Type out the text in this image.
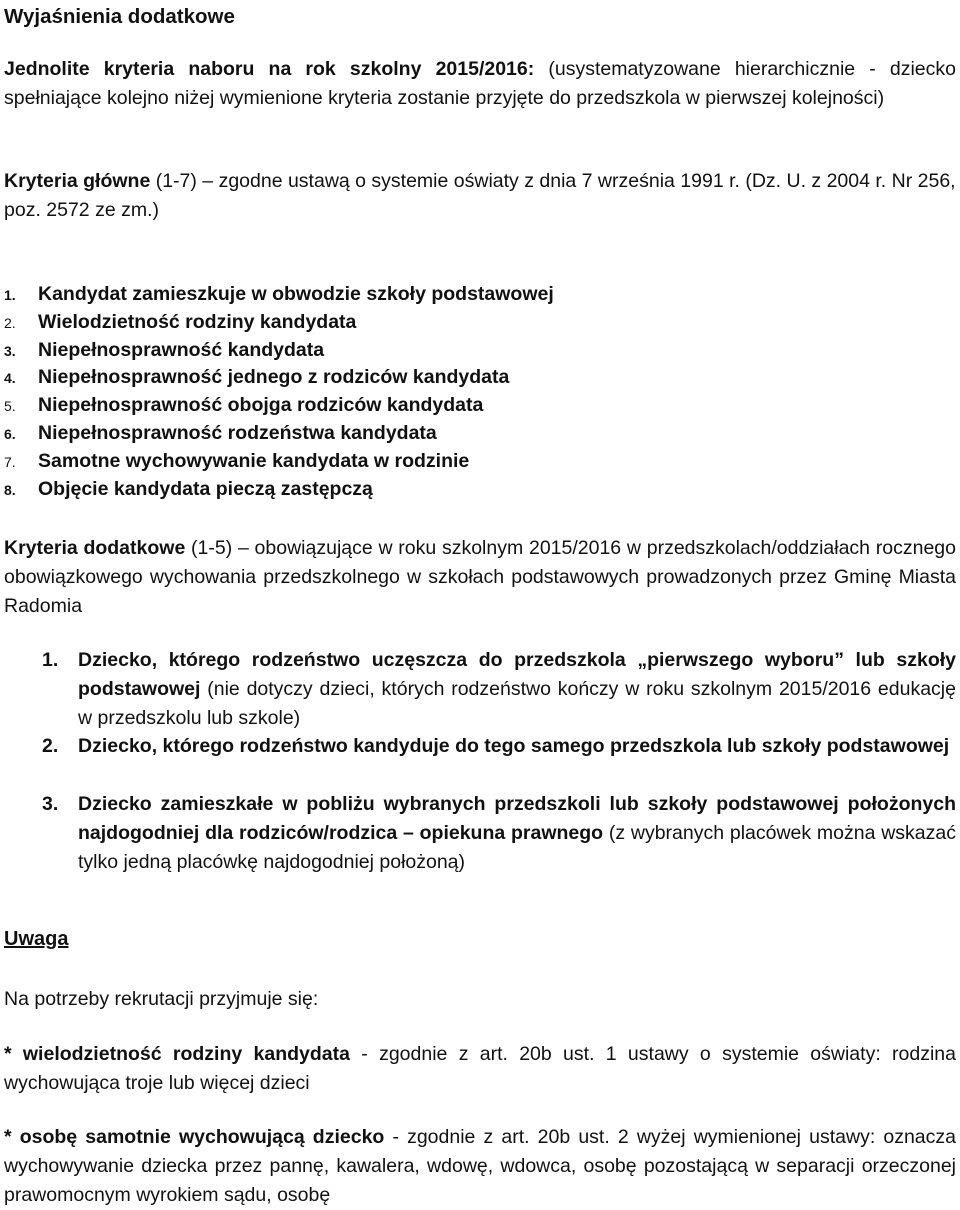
Wyjaśnienia dodatkowe

Jednolite kryteria naboru na rok szkolny 2015/2016: (usystematyzowane hierarchicznie - dziecko spełniające kolejno niżej wymienione kryteria zostanie przyjęte do przedszkola w pierwszej kolejności)

Kryteria główne (1-7) – zgodne ustawą o systemie oświaty z dnia 7 września 1991 r. (Dz. U. z 2004 r. Nr 256, poz. 2572 ze zm.)

1. Kandydat zamieszkuje w obwodzie szkoły podstawowej
2. Wielodzietność rodziny kandydata
3. Niepełnosprawność kandydata
4. Niepełnosprawność jednego z rodziców kandydata
5. Niepełnosprawność obojga rodziców kandydata
6. Niepełnosprawność rodzeństwa kandydata
7. Samotne wychowywanie kandydata w rodzinie
8. Objęcie kandydata pieczą zastępczą

Kryteria dodatkowe (1-5) – obowiązujące w roku szkolnym 2015/2016 w przedszkolach/oddziałach rocznego obowiązkowego wychowania przedszkolnego w szkołach podstawowych prowadzonych przez Gminę Miasta Radomia

1. Dziecko, którego rodzeństwo uczęszcza do przedszkola „pierwszego wyboru” lub szkoły podstawowej (nie dotyczy dzieci, których rodzeństwo kończy w roku szkolnym 2015/2016 edukację w przedszkolu lub szkole)
2. Dziecko, którego rodzeństwo kandyduje do tego samego przedszkola lub szkoły podstawowej
3. Dziecko zamieszkałe w pobliżu wybranych przedszkoli lub szkoły podstawowej położonych najdogodniej dla rodziców/rodzica – opiekuna prawnego (z wybranych placówek można wskazać tylko jedną placówkę najdogodniej położoną)

Uwaga

Na potrzeby rekrutacji przyjmuje się:

* wielodzietność rodziny kandydata - zgodnie z art. 20b ust. 1 ustawy o systemie oświaty: rodzina wychowująca troje lub więcej dzieci

* osobę samotnie wychowującą dziecko - zgodnie z art. 20b ust. 2 wyżej wymienionej ustawy: oznacza wychowywanie dziecka przez pannę, kawalera, wdowę, wdowca, osobę pozostającą w separacji orzeczonej prawomocnym wyrokiem sądu, osobę
